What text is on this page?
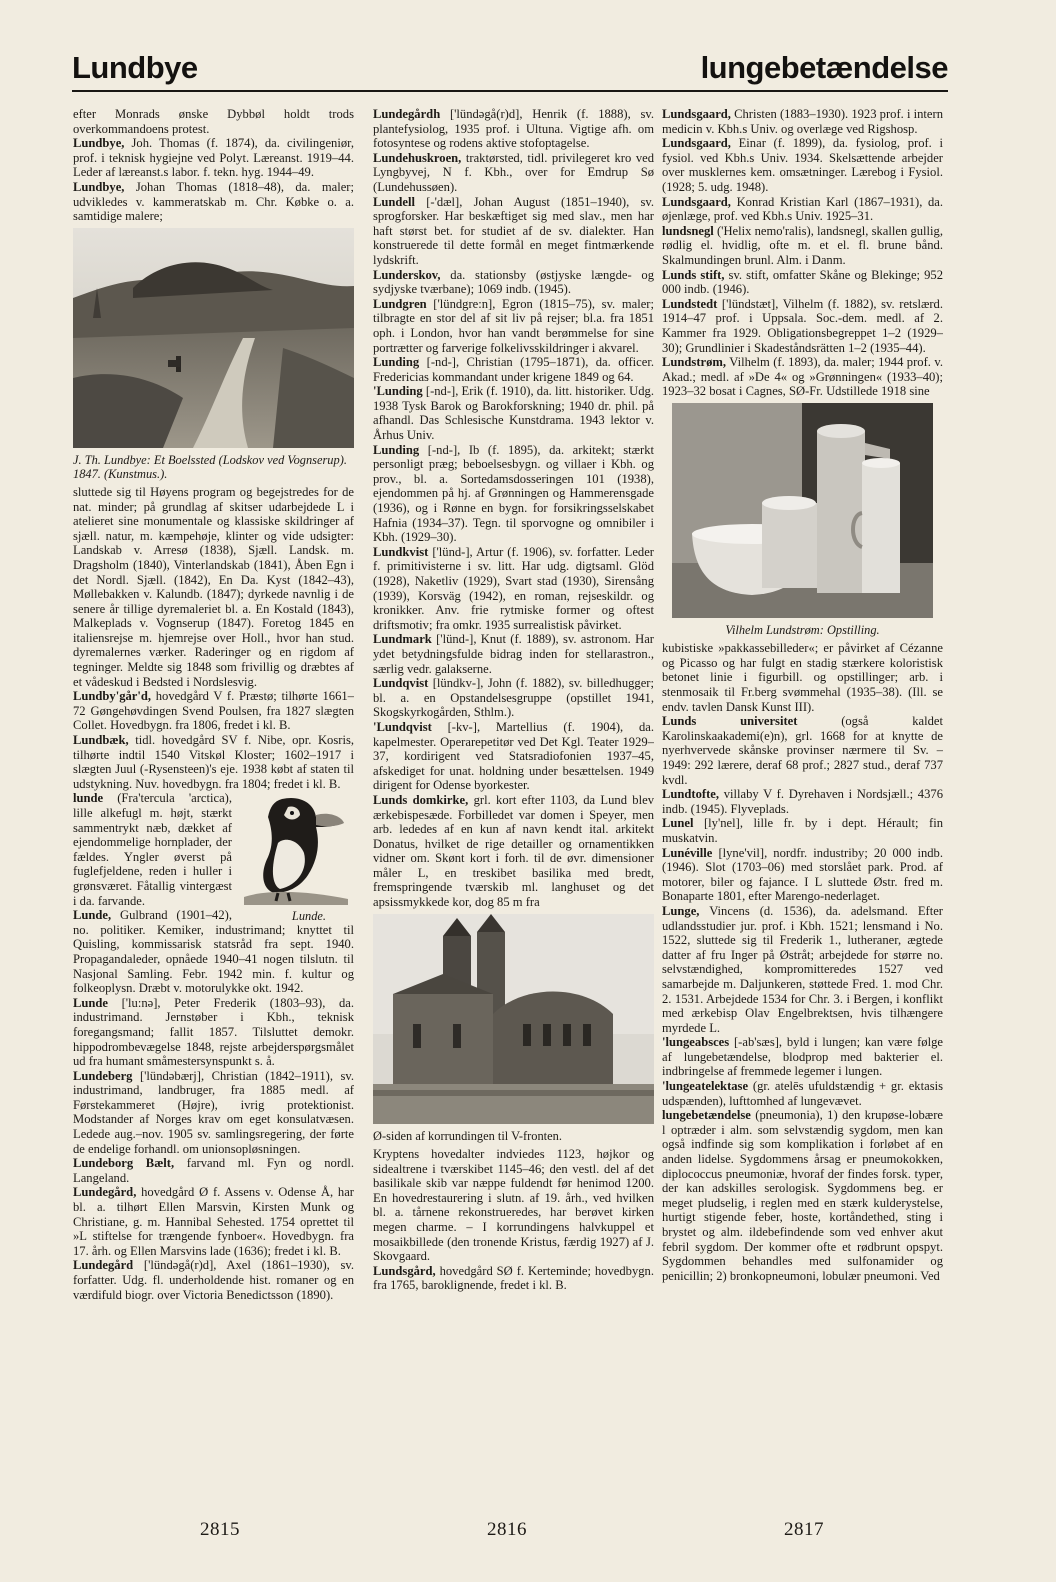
Lundbye	lungebetændelse

efter Monrads ønske Dybbøl holdt trods overkommandoens protest.

Lundbye, Joh. Thomas (f. 1874), da. civilingeniør, prof. i teknisk hygiejne ved Polyt. Læreanst. 1919–44. Leder af læreanst.s labor. f. tekn. hyg. 1944–49.

Lundbye, Johan Thomas (1818–48), da. maler; udvikledes v. kammeratskab m. Chr. Købke o. a. samtidige malere;

J. Th. Lundbye: Et Boelssted (Lodskov ved Vognserup). 1847. (Kunstmus.).

sluttede sig til Høyens program og begejstredes for de nat. minder; på grundlag af skitser udarbejdede L i atelieret sine monumentale og klassiske skildringer af sjæll. natur, m. kæmpehøje, klinter og vide udsigter: Landskab v. Arresø (1838), Sjæll. Landsk. m. Dragsholm (1840), Vinterlandskab (1841), Åben Egn i det Nordl. Sjæll. (1842), En Da. Kyst (1842–43), Møllebakken v. Kalundb. (1847); dyrkede navnlig i de senere år tillige dyremaleriet bl. a. En Kostald (1843), Malkeplads v. Vognserup (1847). Foretog 1845 en italiensrejse m. hjemrejse over Holl., hvor han stud. dyremalernes værker. Raderinger og en rigdom af tegninger. Meldte sig 1848 som frivillig og dræbtes af et vådeskud i Bedsted i Nordslesvig.

Lundby'går'd, hovedgård V f. Præstø; tilhørte 1661–72 Gøngehøvdingen Svend Poulsen, fra 1827 slægten Collet. Hovedbygn. fra 1806, fredet i kl. B.

Lundbæk, tidl. hovedgård SV f. Nibe, opr. Kosris, tilhørte indtil 1540 Vitskøl Kloster; 1602–1917 i slægten Juul (-Rysensteen)'s eje. 1938 købt af staten til udstykning. Nuv. hovedbygn. fra 1804; fredet i kl. B.

Lunde.

lunde (Fra'tercula 'arctica), lille alkefugl m. højt, stærkt sammentrykt næb, dækket af ejendommelige hornplader, der fældes. Yngler øverst på fuglefjeldene, reden i huller i grønsværet. Fåtallig vintergæst i da. farvande.

Lunde, Gulbrand (1901–42), no. politiker. Kemiker, industrimand; knyttet til Quisling, kommissarisk statsråd fra sept. 1940. Propagandaleder, opnåede 1940–41 nogen tilslutn. til Nasjonal Samling. Febr. 1942 min. f. kultur og folkeoplysn. Dræbt v. motorulykke okt. 1942.

Lunde ['lu:nə], Peter Frederik (1803–93), da. industrimand. Jernstøber i Kbh., teknisk foregangsmand; fallit 1857. Tilsluttet demokr. hippodrombevægelse 1848, rejste arbejderspørgsmålet ud fra humant småmestersynspunkt s. å.

Lundeberg ['lündəbærj], Christian (1842–1911), sv. industrimand, landbruger, fra 1885 medl. af Førstekammeret (Højre), ivrig protektionist. Modstander af Norges krav om eget konsulatvæsen. Ledede aug.–nov. 1905 sv. samlingsregering, der førte de endelige forhandl. om unionsopløsningen.

Lundeborg Bælt, farvand ml. Fyn og nordl. Langeland.

Lundegård, hovedgård Ø f. Assens v. Odense Å, har bl. a. tilhørt Ellen Marsvin, Kirsten Munk og Christiane, g. m. Hannibal Sehested. 1754 oprettet til »L stiftelse for trængende fynboer«. Hovedbygn. fra 17. årh. og Ellen Marsvins lade (1636); fredet i kl. B.

Lundegård ['lündəgå(r)d], Axel (1861–1930), sv. forfatter. Udg. fl. underholdende hist. romaner og en værdifuld biogr. over Victoria Benedictsson (1890).

Lundegårdh ['lündəgå(r)d], Henrik (f. 1888), sv. plantefysiolog, 1935 prof. i Ultuna. Vigtige afh. om fotosyntese og rodens aktive stofoptagelse.

Lundehuskroen, traktørsted, tidl. privilegeret kro ved Lyngbyvej, N f. Kbh., over for Emdrup Sø (Lundehussøen).

Lundell [-'dæl], Johan August (1851–1940), sv. sprogforsker. Har beskæftiget sig med slav., men har haft størst bet. for studiet af de sv. dialekter. Han konstruerede til dette formål en meget fintmærkende lydskrift.

Lunderskov, da. stationsby (østjyske længde- og sydjyske tværbane); 1069 indb. (1945).

Lundgren ['lündgre:n], Egron (1815–75), sv. maler; tilbragte en stor del af sit liv på rejser; bl.a. fra 1851 oph. i London, hvor han vandt berømmelse for sine portrætter og farverige folkelivsskildringer i akvarel.

Lunding [-nd-], Christian (1795–1871), da. officer. Fredericias kommandant under krigene 1849 og 64.

'Lunding [-nd-], Erik (f. 1910), da. litt. historiker. Udg. 1938 Tysk Barok og Barokforskning; 1940 dr. phil. på afhandl. Das Schlesische Kunstdrama. 1943 lektor v. Århus Univ.

Lunding [-nd-], Ib (f. 1895), da. arkitekt; stærkt personligt præg; beboelsesbygn. og villaer i Kbh. og prov., bl. a. Sortedamsdosseringen 101 (1938), ejendommen på hj. af Grønningen og Hammerensgade (1936), og i Rønne en bygn. for forsikringsselskabet Hafnia (1934–37). Tegn. til sporvogne og omnibiler i Kbh. (1929–30).

Lundkvist ['lünd-], Artur (f. 1906), sv. forfatter. Leder f. primitivisterne i sv. litt. Har udg. digtsaml. Glöd (1928), Naketliv (1929), Svart stad (1930), Sirensång (1939), Korsväg (1942), en roman, rejseskildr. og kronikker. Anv. frie rytmiske former og oftest driftsmotiv; fra omkr. 1935 surrealistisk påvirket.

Lundmark ['lünd-], Knut (f. 1889), sv. astronom. Har ydet betydningsfulde bidrag inden for stellarastron., særlig vedr. galakserne.

Lundqvist [lündkv-], John (f. 1882), sv. billedhugger; bl. a. en Opstandelsesgruppe (opstillet 1941, Skogskyrkogården, Sthlm.).

'Lundqvist [-kv-], Martellius (f. 1904), da. kapelmester. Operarepetitør ved Det Kgl. Teater 1929–37, kordirigent ved Statsradiofonien 1937–45, afskediget for unat. holdning under besættelsen. 1949 dirigent for Odense byorkester.

Lunds domkirke, grl. kort efter 1103, da Lund blev ærkebispesæde. Forbilledet var domen i Speyer, men arb. lededes af en kun af navn kendt ital. arkitekt Donatus, hvilket de rige detailler og ornamentikken vidner om. Skønt kort i forh. til de øvr. dimensioner måler L, en treskibet basilika med bredt, fremspringende tværskib ml. langhuset og det apsissmykkede kor, dog 85 m fra

Ø-siden af korrundingen til V-fronten.

Kryptens hovedalter indviedes 1123, højkor og sidealtrene i tværskibet 1145–46; den vestl. del af det basilikale skib var næppe fuldendt før henimod 1200. En hovedrestaurering i slutn. af 19. årh., ved hvilken bl. a. tårnene rekonstrueredes, har berøvet kirken megen charme. – I korrundingens halvkuppel et mosaikbillede (den tronende Kristus, færdig 1927) af J. Skovgaard.

Lundsgård, hovedgård SØ f. Kerteminde; hovedbygn. fra 1765, baroklignende, fredet i kl. B.

Lundsgaard, Christen (1883–1930). 1923 prof. i intern medicin v. Kbh.s Univ. og overlæge ved Rigshosp.

Lundsgaard, Einar (f. 1899), da. fysiolog, prof. i fysiol. ved Kbh.s Univ. 1934. Skelsættende arbejder over musklernes kem. omsætninger. Lærebog i Fysiol. (1928; 5. udg. 1948).

Lundsgaard, Konrad Kristian Karl (1867–1931), da. øjenlæge, prof. ved Kbh.s Univ. 1925–31.

lundsnegl ('Helix nemo'ralis), landsnegl, skallen gullig, rødlig el. hvidlig, ofte m. et el. fl. brune bånd. Skalmundingen brunl. Alm. i Danm.

Lunds stift, sv. stift, omfatter Skåne og Blekinge; 952 000 indb. (1946).

Lundstedt ['lündstæt], Vilhelm (f. 1882), sv. retslærd. 1914–47 prof. i Uppsala. Soc.-dem. medl. af 2. Kammer fra 1929. Obligationsbegreppet 1–2 (1929–30); Grundlinier i Skadeståndsrätten 1–2 (1935–44).

Lundstrøm, Vilhelm (f. 1893), da. maler; 1944 prof. v. Akad.; medl. af »De 4« og »Grønningen« (1933–40); 1923–32 bosat i Cagnes, SØ-Fr. Udstillede 1918 sine

Vilhelm Lundstrøm: Opstilling.

kubistiske »pakkassebilleder«; er påvirket af Cézanne og Picasso og har fulgt en stadig stærkere koloristisk betonet linie i figurbill. og opstillinger; arb. i stenmosaik til Fr.berg svømmehal (1935–38). (Ill. se endv. tavlen Dansk Kunst III).

Lunds universitet (også kaldet Karolinskaakademi(e)n), grl. 1668 for at knytte de nyerhvervede skånske provinser nærmere til Sv. – 1949: 292 lærere, deraf 68 prof.; 2827 stud., deraf 737 kvdl.

Lundtofte, villaby V f. Dyrehaven i Nordsjæll.; 4376 indb. (1945). Flyveplads.

Lunel [ly'nel], lille fr. by i dept. Hérault; fin muskatvin.

Lunéville [lyne'vil], nordfr. industriby; 20 000 indb. (1946). Slot (1703–06) med storslået park. Prod. af motorer, biler og fajance. I L sluttede Østr. fred m. Bonaparte 1801, efter Marengo-nederlaget.

Lunge, Vincens (d. 1536), da. adelsmand. Efter udlandsstudier jur. prof. i Kbh. 1521; lensmand i No. 1522, sluttede sig til Frederik 1., lutheraner, ægtede datter af fru Inger på Østråt; arbejdede for større no. selvstændighed, kompromitteredes 1527 ved samarbejde m. Daljunkeren, støttede Fred. 1. mod Chr. 2. 1531. Arbejdede 1534 for Chr. 3. i Bergen, i konflikt med ærkebisp Olav Engelbrektsen, hvis tilhængere myrdede L.

'lungeabsces [-ab'sæs], byld i lungen; kan være følge af lungebetændelse, blodprop med bakterier el. indbringelse af fremmede legemer i lungen.

'lungeatelektase (gr. atelēs ufuldstændig + gr. ektasis udspænden), lufttomhed af lungevævet.

lungebetændelse (pneumonia), 1) den krupøse-lobære l optræder i alm. som selvstændig sygdom, men kan også indfinde sig som komplikation i forløbet af en anden lidelse. Sygdommens årsag er pneumokokken, diplococcus pneumoniæ, hvoraf der findes forsk. typer, der kan adskilles serologisk. Sygdommens beg. er meget pludselig, i reglen med en stærk kulderystelse, hurtigt stigende feber, hoste, kortåndethed, sting i brystet og alm. ildebefindende som ved enhver akut febril sygdom. Der kommer ofte et rødbrunt opspyt. Sygdommen behandles med sulfonamider og penicillin; 2) bronkopneumoni, lobulær pneumoni. Ved

2815	2816	2817
